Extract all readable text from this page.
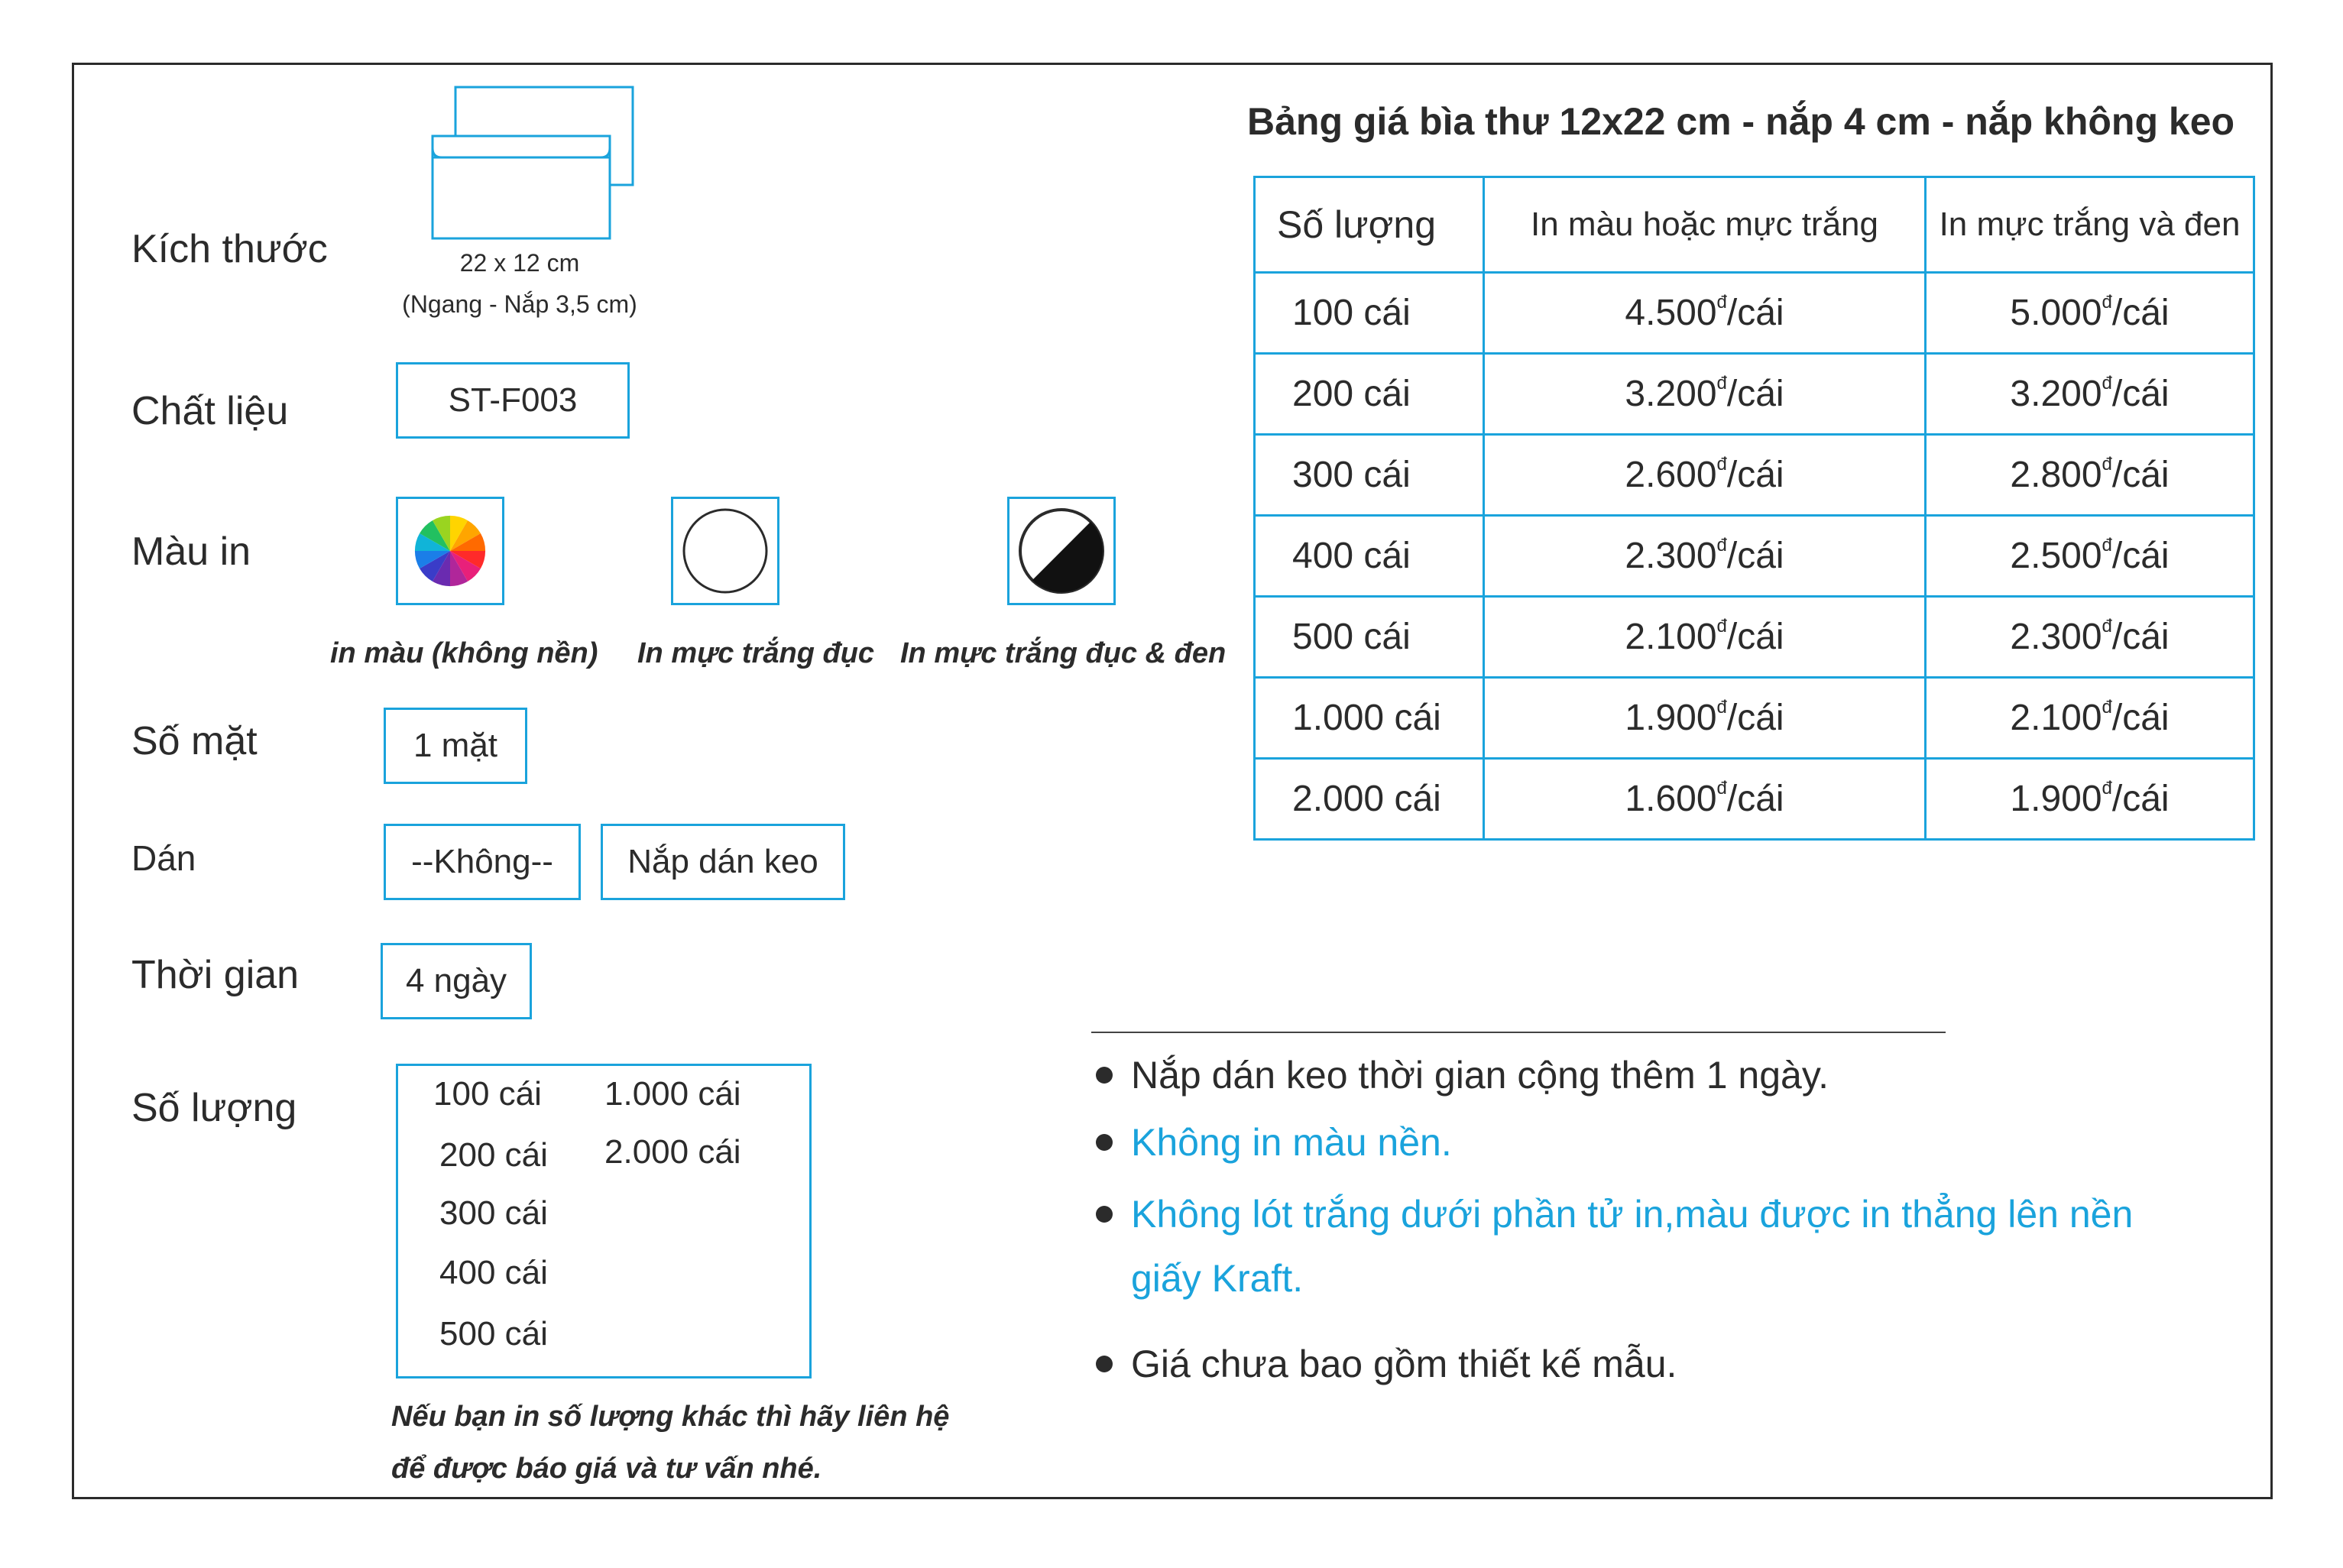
Kích thước
Chất liệu
Màu in
Số mặt
Dán
Thời gian
Số lượng
22 x 12 cm
(Ngang - Nắp 3,5 cm)
ST-F003
in màu (không nền) In mực trắng đục In mực trắng đục & đen
1 mặt
--Không--	Nắp dán keo
4 ngày
100 cái
200 cái
300 cái
400 cái
500 cái
1.000 cái
2.000 cái
Nếu bạn in số lượng khác thì hãy liên hệ
để được báo giá và tư vấn nhé.
Bảng giá bìa thư 12x22 cm - nắp 4 cm - nắp không keo
Số lượng	In màu hoặc mực trắng	In mực trắng và đen
100 cái	$4.500^đ$/cái	$5.000^đ$/cái
200 cái	$3.200^đ$/cái	$3.200^đ$/cái
300 cái	$2.600^đ$/cái	$2.800^đ$/cái
400 cái	$2.300^đ$/cái	$2.500^đ$/cái
500 cái	$2.100^đ$/cái	$2.300^đ$/cái
1.000 cái	$1.900^đ$/cái	$2.100^đ$/cái
2.000 cái	$1.600^đ$/cái	$1.900^đ$/cái
Nắp dán keo thời gian cộng thêm 1 ngày.
Không in màu nền.
Không lót trắng dưới phần tử in,màu được in thẳng lên nền giấy Kraft.
Giá chưa bao gồm thiết kế mẫu.
